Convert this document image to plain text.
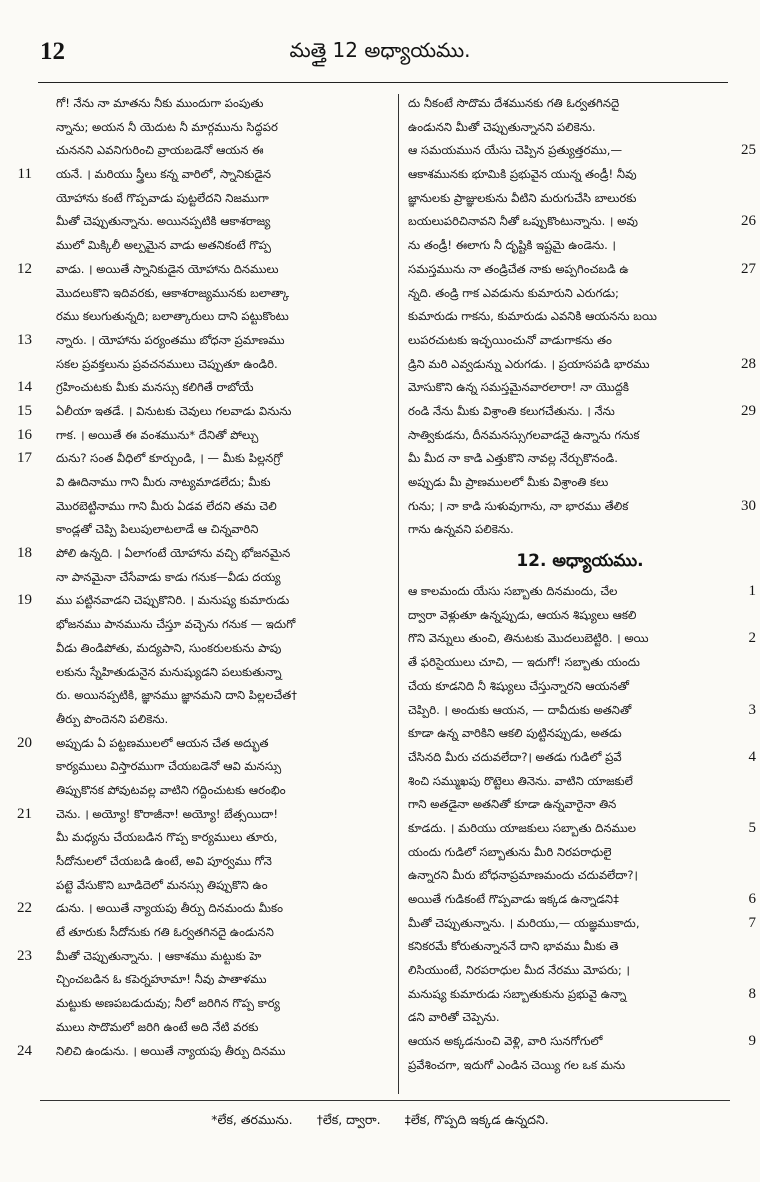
12	మత్తై 12 అధ్యాయము.
గో! నేను నా మాతను నీకు ముందుగా పంపుతు
న్నాను; అయన నీ యెదుట నీ మార్గమును సిద్ధపర
చుననని ఎవనిగురించి వ్రాయబడెనో ఆయన ఈ
11 యనే. । మరియు స్త్రీలు కన్న వారిలో, స్నానికుడైన
యోహాను కంటే గొప్పవాడు పుట్టలేదని నిజముగా
మీతో చెప్పుతున్నాను. అయినప్పటికి ఆకాశరాజ్య
ములో మిక్కిలీ అల్పమైన వాడు అతనికంటే గొప్ప
12 వాడు. । అయితే స్నానికుడైన యోహాను దినములు
మొదలుకొని ఇదివరకు, ఆకాశరాజ్యమునకు బలాత్కా
రము కలుగుతున్నది; బలాత్కారులు దాని పట్టుకొంటు
13 న్నారు. । యోహాను పర్యంతము బోధనా ప్రమాణము
సకల ప్రవక్తలును ప్రవచనములు చెప్పుతూ ఉండిరి.
14 గ్రహించుటకు మీకు మనస్సు కలిగితే రాబోయే
15 ఏలీయా ఇతడే. । వినుటకు చెవులు గలవాడు వినును
16 గాక. । అయితే ఈ వంశమును* దేనితో పోల్చు
17 దును? సంత వీధిలో కూర్చుండి, । — మీకు పిల్లనగ్రో
వి ఊదినాము గాని మీరు నాట్యమాడలేదు; మీకు
మొరబెట్టినాము గాని మీరు ఏడవ లేదని తమ చెలి
కాండ్లతో చెప్పి పిలుపులాటలాడే ఆ చిన్నవారిని
18 పోలి ఉన్నది. । ఏలాగంటే యోహాను వచ్చి భోజనమైన
నా పానమైనా చేసేవాడు కాడు గనుక—వీడు దయ్య
19 ము పట్టినవాడని చెప్పుకొనిరి. । మనుష్య కుమారుడు
భోజనము పానమును చేస్తూ వచ్చెను గనుక — ఇదుగో
వీడు తిండిపోతు, మద్యపాని, సుంకరులకును పాపు
లకును స్నేహితుడునైన మనుష్యుడని పలుకుతున్నా
రు. అయినప్పటికి, జ్ఞానము జ్ఞానమని దాని పిల్లలచేత†
తీర్పు పొందెనని పలికెను.
20 అప్పుడు ఏ పట్టణములలో ఆయన చేత అద్భుత
కార్యములు విస్తారముగా చేయబడెనో ఆవి మనస్సు
తిప్పుకొనక పోవుటవల్ల వాటిని గద్దించుటకు ఆరంభిం
21 చెను. । అయ్యో! కొరాజీనా! అయ్యో! బేత్సయిదా!
మీ మధ్యను చేయబడిన గొప్ప కార్యములు తూరు,
సీదోనులలో చేయబడి ఉంటే, అవి పూర్వము గోనె
పట్టె వేసుకొని బూడిదెలో మనస్సు తిప్పుకొని ఉం
22 డును. । అయితే న్యాయపు తీర్పు దినమందు మీకం
టే తూరుకు సీదోనుకు గతి ఓర్వతగినదై ఉండునని
23 మీతో చెప్పుతున్నాను. । ఆకాశము మట్టుకు హె
చ్చించబడిన ఓ కపెర్నహూమా! నీవు పాతాళము
మట్టుకు అణపబడుదువు; నీలో జరిగిన గొప్ప కార్య
ములు సొదొమలో జరిగి ఉంటే అది నేటి వరకు
24 నిలిచి ఉండును. । అయితే న్యాయపు తీర్పు దినము
దు నీకంటే సొదొమ దేశమునకు గతి ఓర్వతగినదై
ఉండునని మీతో చెప్పుతున్నానని పలికెను.
25
ఆ సమయమున యేసు చెప్పిన ప్రత్యుత్తరము,—
ఆకాశమునకు భూమికి ప్రభువైన యున్న తండ్రీ! నీవు
జ్ఞానులకు ప్రాజ్ఞులకును వీటిని మరుగుచేసి బాలురకు
26
బయలుపరిచినావని నీతో ఒప్పుకొంటున్నాను. । అవు
ను తండ్రీ! ఈలాగు నీ దృష్టికి ఇష్టమై ఉండెను. ।
27
సమస్తమును నా తండ్రిచేత నాకు అప్పగించబడి ఉ
న్నది. తండ్రి గాక ఎవడును కుమారుని ఎరుగడు;
కుమారుడు గాకను, కుమారుడు ఎవనికి ఆయనను బయి
లుపరచుటకు ఇచ్ఛయించునో వాడుగాకను తం
28
డ్రిని మరి ఎవ్వడున్ను ఎరుగడు. । ప్రయాసపడి భారము
మోసుకొని ఉన్న సమస్తమైనవారలారా! నా యొద్దకి
29
రండి నేను మీకు విశ్రాంతి కలుగచేతును. । నేను
సాత్వికుడను, దీనమనస్సుగలవాడనై ఉన్నాను గనుక
మీ మీద నా కాడి ఎత్తుకొని నావల్ల నేర్చుకొనండి.
అప్పుడు మీ ప్రాణములలో మీకు విశ్రాంతి కలు
30
గును; । నా కాడి సుళువుగాను, నా భారము తేలిక
గాను ఉన్నవని పలికెను.
12. అధ్యాయము.
1
ఆ కాలమందు యేసు సబ్బాతు దినమందు, చేల
ద్వారా వెళ్లుతూ ఉన్నప్పుడు, ఆయన శిష్యులు ఆకలి
2
గొని వెన్నులు తుంచి, తినుటకు మొదలుబెట్టిరి. । అయి
తే ఫరిసైయులు చూచి, — ఇదుగో! సబ్బాతు యందు
చేయ కూడనిది నీ శిష్యులు చేస్తున్నారని ఆయనతో
3
చెప్పిరి. । అందుకు ఆయన, — దావీదుకు అతనితో
కూడా ఉన్న వారికిని ఆకలి పుట్టినప్పుడు, అతడు
4
చేసినది మీరు చదువలేదా?। అతడు గుడిలో ప్రవే
శించి సమ్ముఖపు రొట్టెలు తినెను. వాటిని యాజకులే
గాని అతడైనా అతనితో కూడా ఉన్నవారైనా తిన
5
కూడదు. । మరియు యాజకులు సబ్బాతు దినముల
యందు గుడిలో సబ్బాతును మీరి నిరపరాధులై
ఉన్నారని మీరు బోధనాప్రమాణమందు చదువలేదా?।
6
అయితే గుడికంటే గొప్పవాడు ఇక్కడ ఉన్నాడని‡
7
మీతో చెప్పుతున్నాను. । మరియు,— యజ్ఞముకాదు,
కనికరమే కోరుతున్నాననే దాని భావము మీకు తె
లిసియుంటే, నిరపరాధుల మీద నేరము మోపరు; ।
8
మనుష్య కుమారుడు సబ్బాతుకును ప్రభువై ఉన్నా
డని వారితో చెప్పెను.
9
ఆయన అక్కడనుంచి వెళ్లి, వారి సునగోగులో
ప్రవేశించగా, ఇదుగో ఎండిన చెయ్యి గల ఒక మను
*లేక, తరమును. †లేక, ద్వారా. ‡లేక, గొప్పది ఇక్కడ ఉన్నదని.
